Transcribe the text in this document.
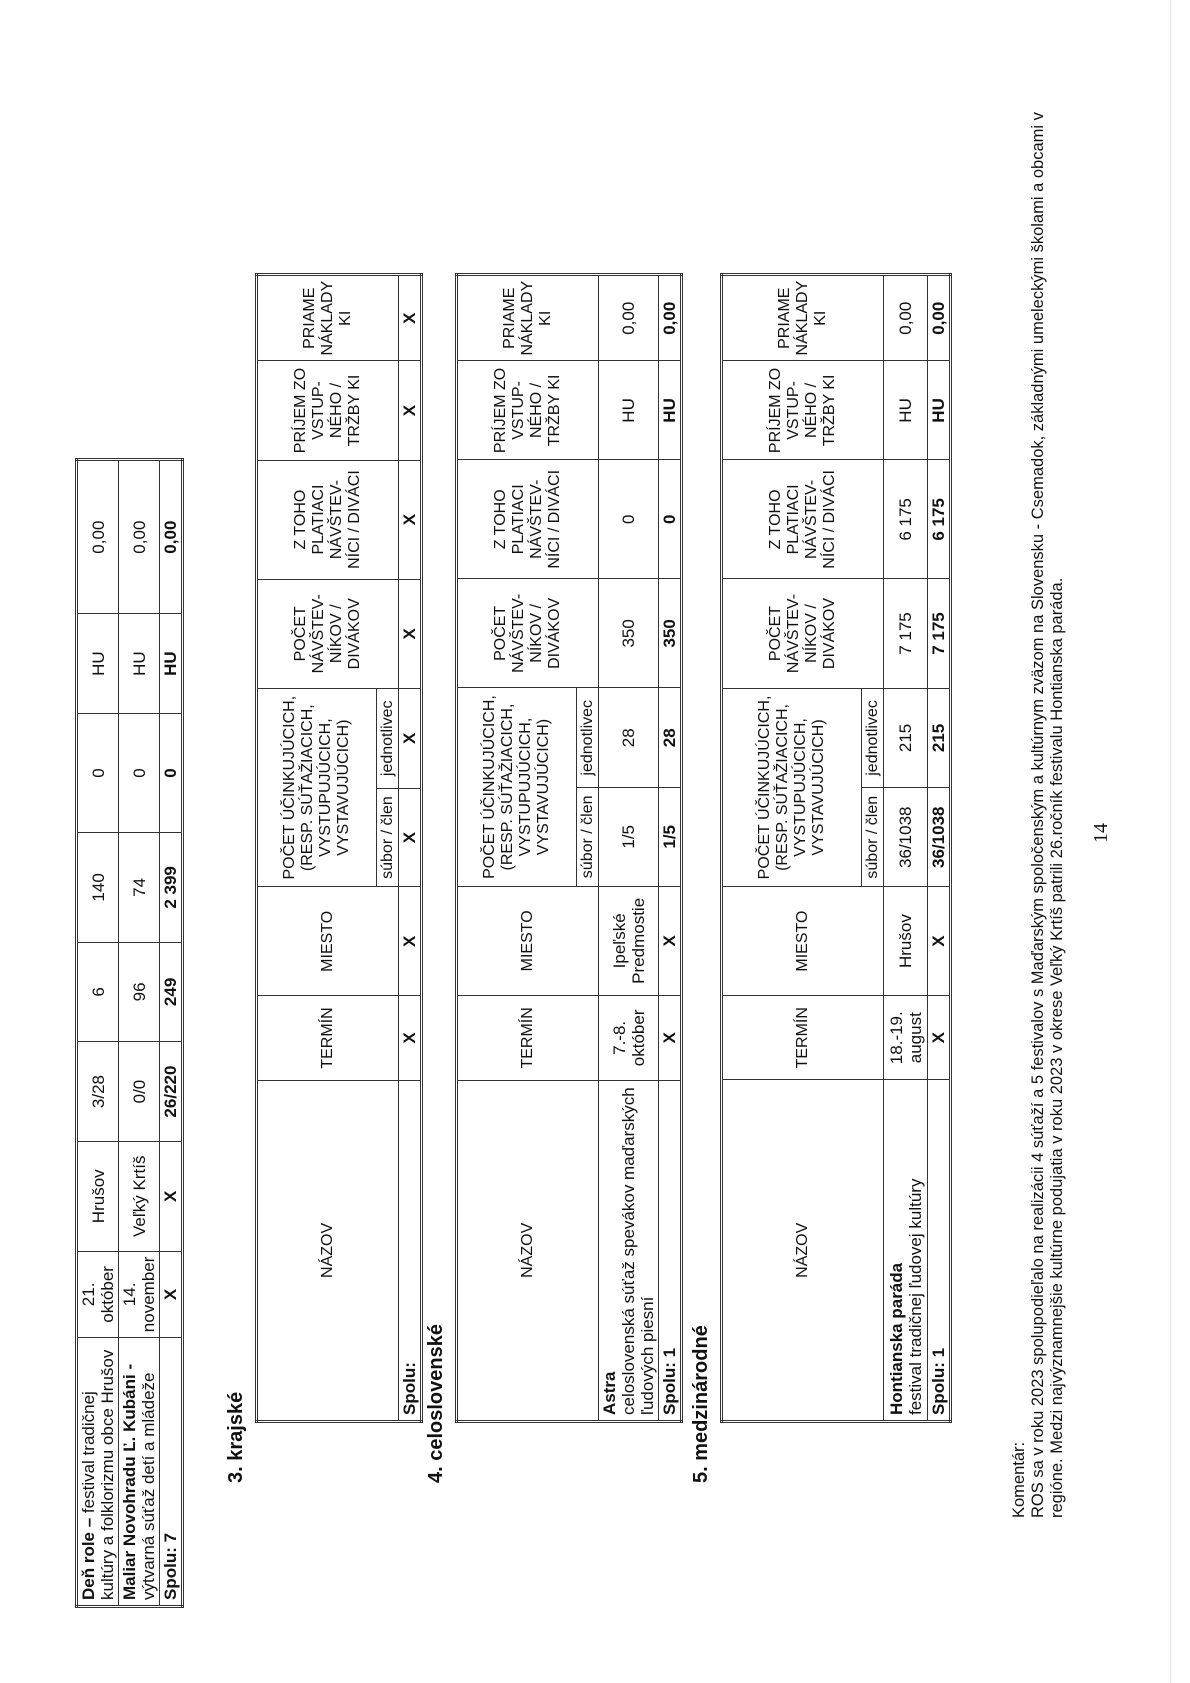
Deň role – festival tradičnej kultúry a folklorizmu obce Hrušov	21. október	Hrušov	3/28	6	140	0	HU	0,00
Maliar Novohradu Ľ. Kubáni - výtvarná súťaž detí a mládeže	14. november	Veľký Krtíš	0/0	96	74	0	HU	0,00
Spolu: 7	X	X	26/220	249	2 399	0	HU	0,00
3. krajské
NÁZOV	TERMÍN	MIESTO	POČET ÚČINKUJÚCICH, (RESP. SÚŤAŽIACICH, VYSTUPUJÚCICH, VYSTAVUJÚCICH)		POČET NÁVŠTEV-NÍKOV / DIVÁKOV	Z TOHO PLATIACI NÁVŠTEV-NÍCI / DIVÁCI	PRÍJEM ZO VSTUP-NÉHO / TRŽBY KI	PRIAME NÁKLADY KI
			súbor / člen	jednotlivec				
Spolu:	X	X	X	X	X	X	X	X
4. celoslovenské
NÁZOV	TERMÍN	MIESTO	POČET ÚČINKUJÚCICH, (RESP. SÚŤAŽIACICH, VYSTUPUJÚCICH, VYSTAVUJÚCICH)		POČET NÁVŠTEV-NÍKOV / DIVÁKOV	Z TOHO PLATIACI NÁVŠTEV-NÍCI / DIVÁCI	PRÍJEM ZO VSTUP-NÉHO / TRŽBY KI	PRIAME NÁKLADY KI
			súbor / člen	jednotlivec				
Astra
celoslovenská súťaž spevákov maďarských ľudových piesní	7.-8. október	Ipeľské Predmostie	1/5	28	350	0	HU	0,00
Spolu: 1	X	X	1/5	28	350	0	HU	0,00
5. medzinárodné
NÁZOV	TERMÍN	MIESTO	POČET ÚČINKUJÚCICH, (RESP. SÚŤAŽIACICH, VYSTUPUJÚCICH, VYSTAVUJÚCICH)		POČET NÁVŠTEV-NÍKOV / DIVÁKOV	Z TOHO PLATIACI NÁVŠTEV-NÍCI / DIVÁCI	PRÍJEM ZO VSTUP-NÉHO / TRŽBY KI	PRIAME NÁKLADY KI
			súbor / člen	jednotlivec				
Hontianska paráda
festival tradičnej ľudovej kultúry	18.-19. august	Hrušov	36/1038	215	7 175	6 175	HU	0,00
Spolu: 1	X	X	36/1038	215	7 175	6 175	HU	0,00
Komentár: ROS sa v roku 2023 spolupodieľalo na realizácii 4 súťaží a 5 festivalov s Maďarským spoločenským a kultúrnym zväzom na Slovensku - Csemadok, základnými umeleckými školami a obcami v regióne. Medzi najvýznamnejšie kultúrne podujatia v roku 2023 v okrese Veľký Krtíš patrili 26.ročník festivalu Hontianska paráda. 14
